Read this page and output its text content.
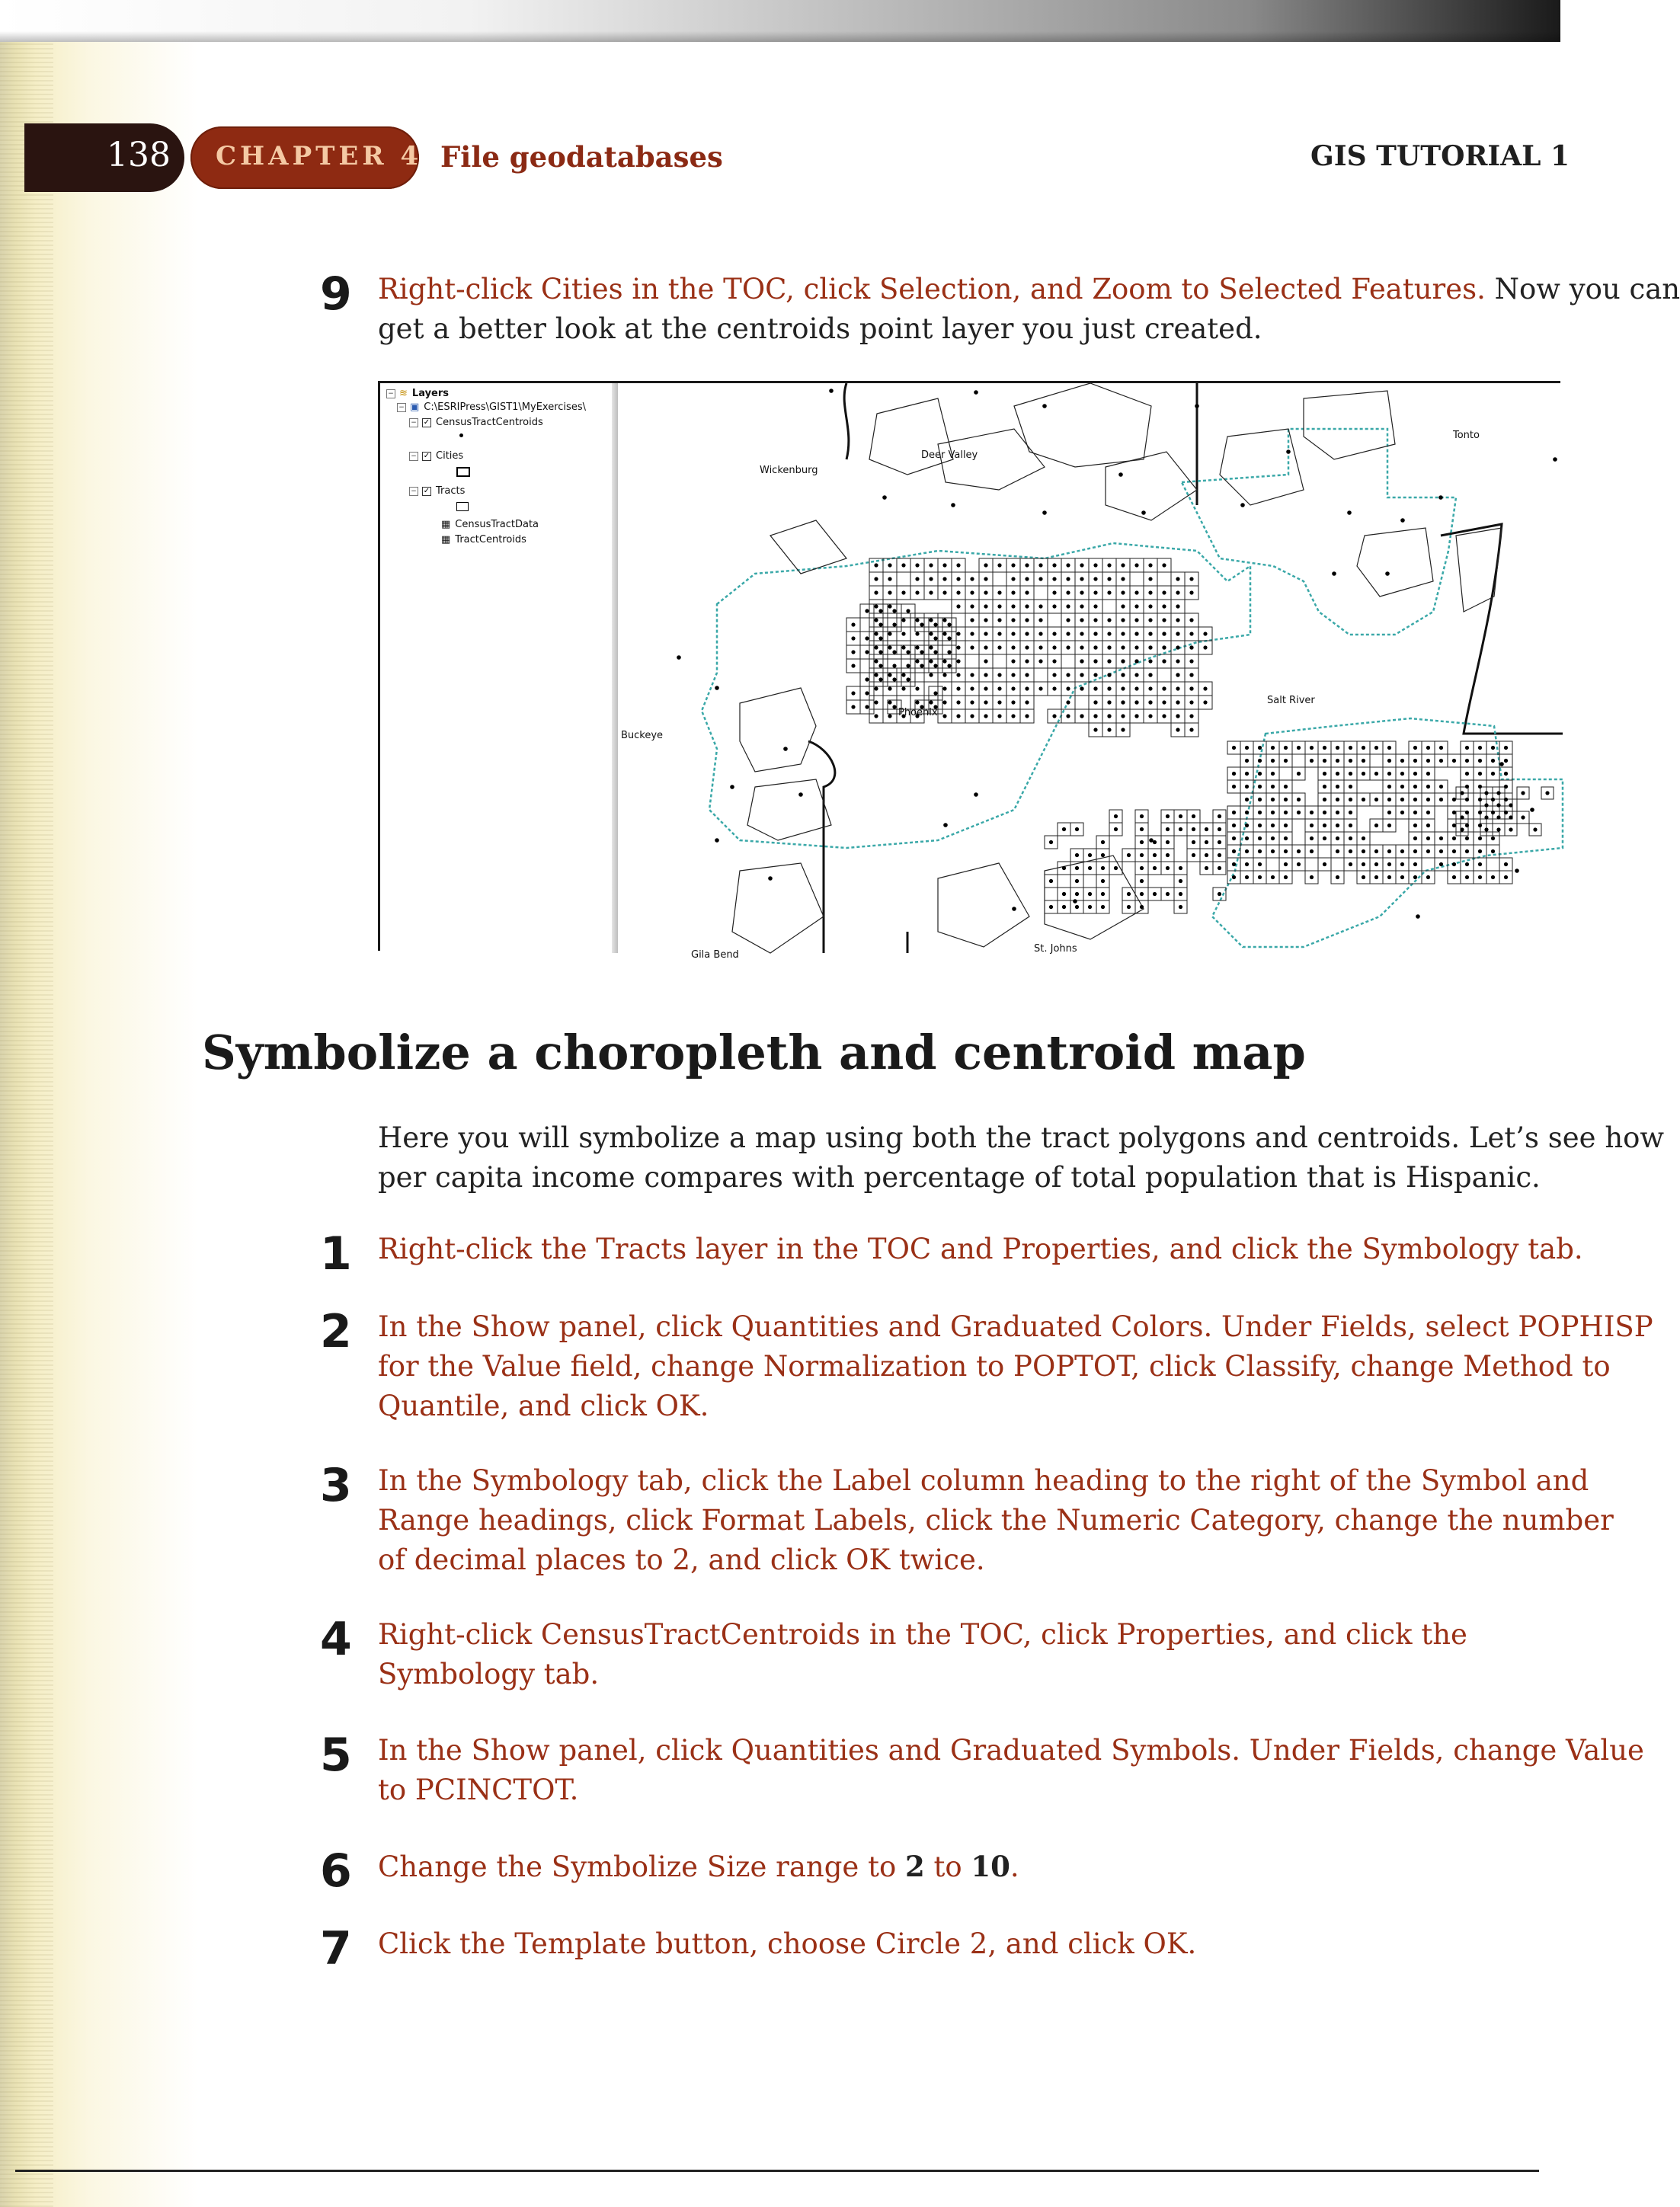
138 CHAPTER 4 File geodatabases	GIS TUTORIAL 1
9 Right-click Cities in the TOC, click Selection, and Zoom to Selected Features. Now you can
get a better look at the centroids point layer you just created.
− ≋ Layers
− ▣ C:\ESRIPress\GIST1\MyExercises\
− ✓ CensusTractCentroids
− ✓ Cities
− ✓ Tracts
▦ CensusTractData
▦ TractCentroids
Wickenburg
Deer Valley
Tonto
Salt River
Buckeye
Phoenix
St. Johns
Gila Bend
Symbolize a choropleth and centroid map
Here you will symbolize a map using both the tract polygons and centroids. Let’s see how
per capita income compares with percentage of total population that is Hispanic.
1 Right-click the Tracts layer in the TOC and Properties, and click the Symbology tab.
2 In the Show panel, click Quantities and Graduated Colors. Under Fields, select POPHISP
for the Value field, change Normalization to POPTOT, click Classify, change Method to
Quantile, and click OK.
3 In the Symbology tab, click the Label column heading to the right of the Symbol and
Range headings, click Format Labels, click the Numeric Category, change the number
of decimal places to 2, and click OK twice.
4 Right-click CensusTractCentroids in the TOC, click Properties, and click the
Symbology tab.
5 In the Show panel, click Quantities and Graduated Symbols. Under Fields, change Value
to PCINCTOT.
6 Change the Symbolize Size range to 2 to 10.
7 Click the Template button, choose Circle 2, and click OK.
